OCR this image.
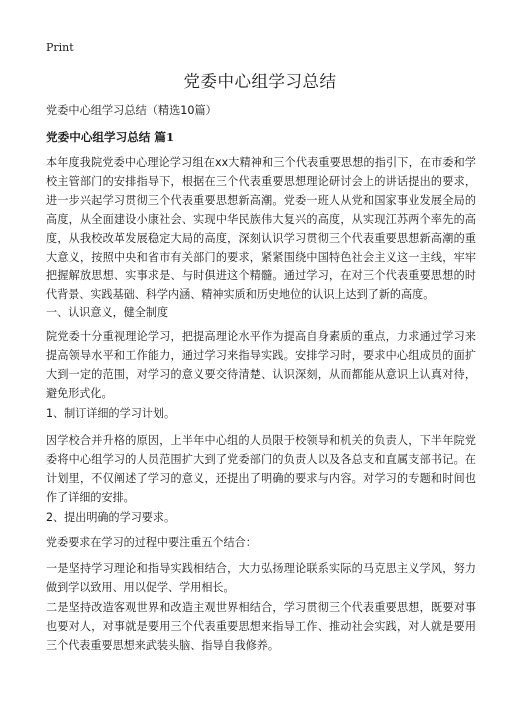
Print
党委中心组学习总结

党委中心组学习总结（精选10篇）

党委中心组学习总结 篇1

本年度我院党委中心理论学习组在xx大精神和三个代表重要思想的指引下，在市委和学校主管部门的安排指导下，根据在三个代表重要思想理论研讨会上的讲话提出的要求，进一步兴起学习贯彻三个代表重要思想新高潮。党委一班人从党和国家事业发展全局的高度，从全面建设小康社会、实现中华民族伟大复兴的高度，从实现江苏两个率先的高度，从我校改革发展稳定大局的高度，深刻认识学习贯彻三个代表重要思想新高潮的重大意义，按照中央和省市有关部门的要求，紧紧围绕中国特色社会主义这一主线，牢牢把握解放思想、实事求是、与时俱进这个精髓。通过学习，在对三个代表重要思想的时代背景、实践基础、科学内涵、精神实质和历史地位的认识上达到了新的高度。

一、认识意义，健全制度

院党委十分重视理论学习，把提高理论水平作为提高自身素质的重点，力求通过学习来提高领导水平和工作能力，通过学习来指导实践。安排学习时，要求中心组成员的面扩大到一定的范围，对学习的意义要交待清楚、认识深刻，从而都能从意识上认真对待，避免形式化。

1、制订详细的学习计划。

因学校合并升格的原因，上半年中心组的人员限于校领导和机关的负责人，下半年院党委将中心组学习的人员范围扩大到了党委部门的负责人以及各总支和直属支部书记。在计划里，不仅阐述了学习的意义，还提出了明确的要求与内容。对学习的专题和时间也作了详细的安排。

2、提出明确的学习要求。

党委要求在学习的过程中要注重五个结合：

一是坚持学习理论和指导实践相结合，大力弘扬理论联系实际的马克思主义学风，努力做到学以致用、用以促学、学用相长。

二是坚持改造客观世界和改造主观世界相结合，学习贯彻三个代表重要思想，既要对事也要对人，对事就是要用三个代表重要思想来指导工作、推动社会实践，对人就是要用三个代表重要思想来武装头脑、指导自我修养。
